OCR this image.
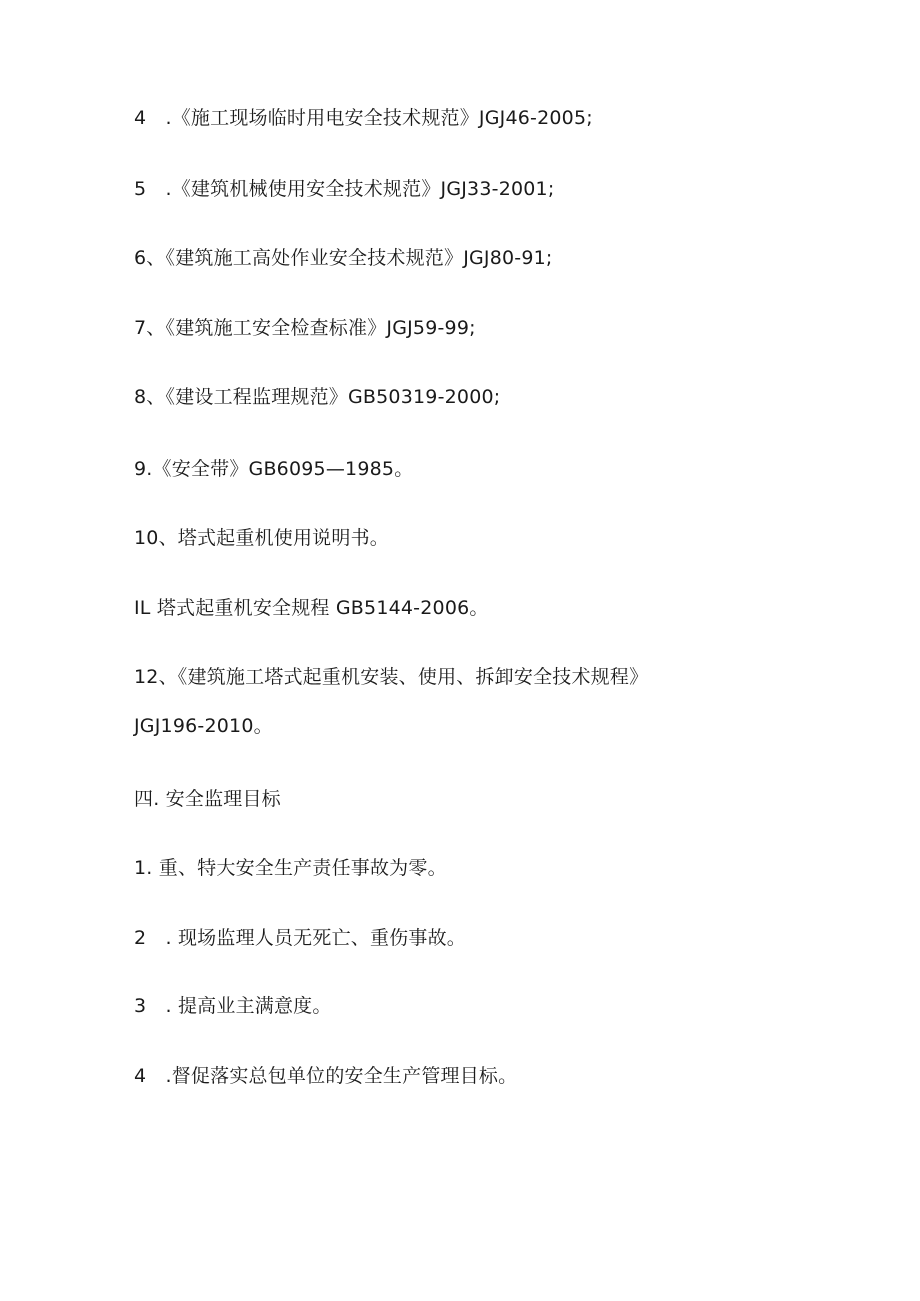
4　.《施工现场临时用电安全技术规范》JGJ46-2005;
5　.《建筑机械使用安全技术规范》JGJ33-2001;
6、《建筑施工高处作业安全技术规范》JGJ80-91;
7、《建筑施工安全检查标准》JGJ59-99;
8、《建设工程监理规范》GB50319-2000;
9.《安全带》GB6095—1985。
10、塔式起重机使用说明书。
IL 塔式起重机安全规程 GB5144-2006。
12、《建筑施工塔式起重机安装、使用、拆卸安全技术规程》
JGJ196-2010。
四. 安全监理目标
1. 重、特大安全生产责任事故为零。
2　. 现场监理人员无死亡、重伤事故。
3　. 提高业主满意度。
4　.督促落实总包单位的安全生产管理目标。
